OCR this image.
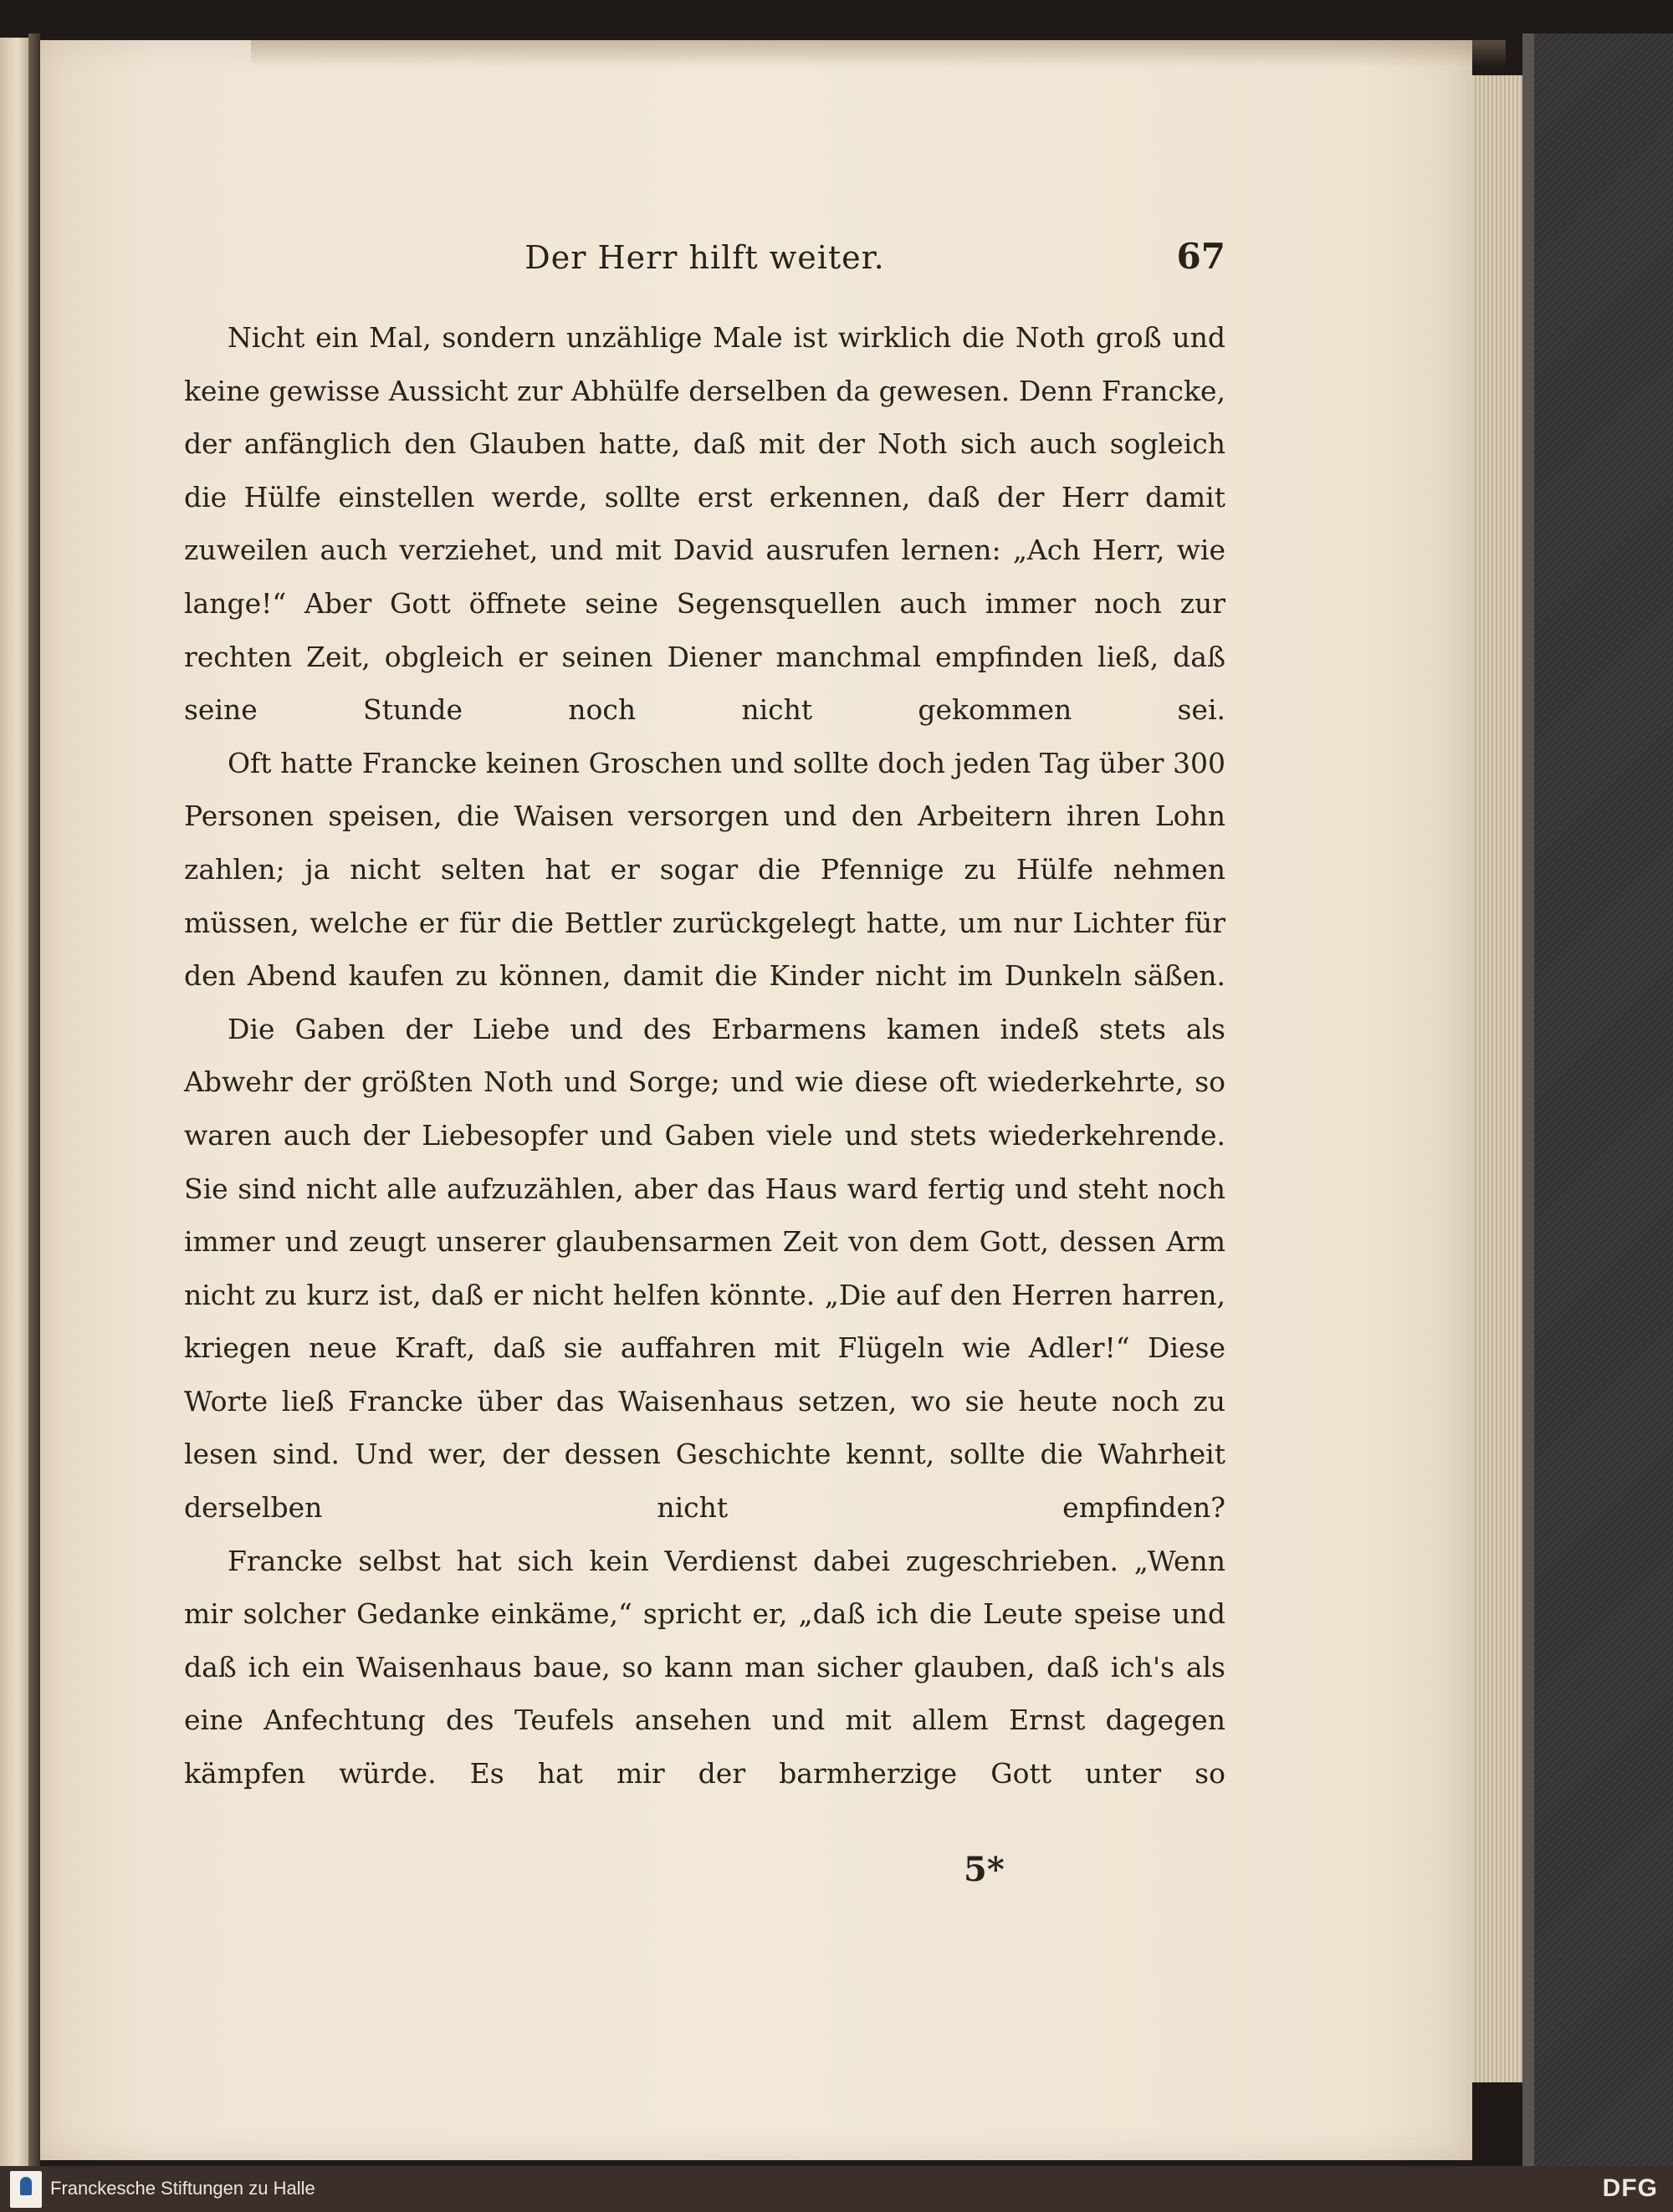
Der Herr hilft weiter.	67

Nicht ein Mal, sondern unzählige Male ist wirklich die Noth groß und keine gewisse Aussicht zur Abhülfe derselben da gewesen. Denn Francke, der anfänglich den Glauben hatte, daß mit der Noth sich auch sogleich die Hülfe einstellen werde, sollte erst erkennen, daß der Herr damit zuweilen auch verziehet, und mit David ausrufen lernen: „Ach Herr, wie lange!“ Aber Gott öffnete seine Segensquellen auch immer noch zur rechten Zeit, obgleich er seinen Diener manchmal empfinden ließ, daß seine Stunde noch nicht gekommen sei.

Oft hatte Francke keinen Groschen und sollte doch jeden Tag über 300 Personen speisen, die Waisen versorgen und den Arbeitern ihren Lohn zahlen; ja nicht selten hat er sogar die Pfennige zu Hülfe nehmen müssen, welche er für die Bettler zurückgelegt hatte, um nur Lichter für den Abend kaufen zu können, damit die Kinder nicht im Dunkeln säßen.

Die Gaben der Liebe und des Erbarmens kamen indeß stets als Abwehr der größten Noth und Sorge; und wie diese oft wiederkehrte, so waren auch der Liebesopfer und Gaben viele und stets wiederkehrende. Sie sind nicht alle aufzuzählen, aber das Haus ward fertig und steht noch immer und zeugt unserer glaubensarmen Zeit von dem Gott, dessen Arm nicht zu kurz ist, daß er nicht helfen könnte. „Die auf den Herren harren, kriegen neue Kraft, daß sie auffahren mit Flügeln wie Adler!“ Diese Worte ließ Francke über das Waisenhaus setzen, wo sie heute noch zu lesen sind. Und wer, der dessen Geschichte kennt, sollte die Wahrheit derselben nicht empfinden?

Francke selbst hat sich kein Verdienst dabei zugeschrieben. „Wenn mir solcher Gedanke einkäme,“ spricht er, „daß ich die Leute speise und daß ich ein Waisenhaus baue, so kann man sicher glauben, daß ich's als eine Anfechtung des Teufels ansehen und mit allem Ernst dagegen kämpfen würde. Es hat mir der barmherzige Gott unter so

5*
Franckesche Stiftungen zu Halle	DFG
